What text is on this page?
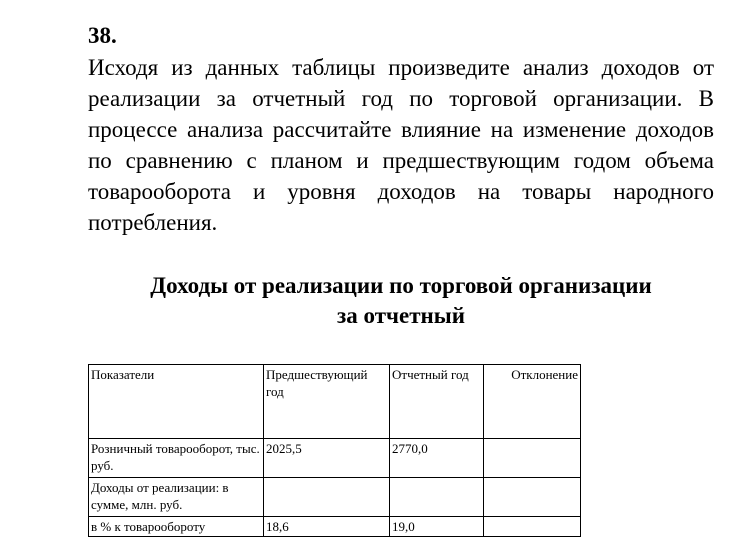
38.
Исходя из данных таблицы произведите анализ доходов от реализации за отчетный год по торговой организации. В процессе анализа рассчитайте влияние на изменение доходов по сравнению с планом и предшествующим годом объема товарооборота и уровня доходов на товары народного потребления.
Доходы от реализации по торговой организации
за отчетный
Показатели	Предшествующий год	Отчетный год	Отклонение
Розничный товарооборот, тыс. руб.	2025,5	2770,0	
Доходы от реализации: в сумме, млн. руб.			
в % к товарообороту	18,6	19,0	
